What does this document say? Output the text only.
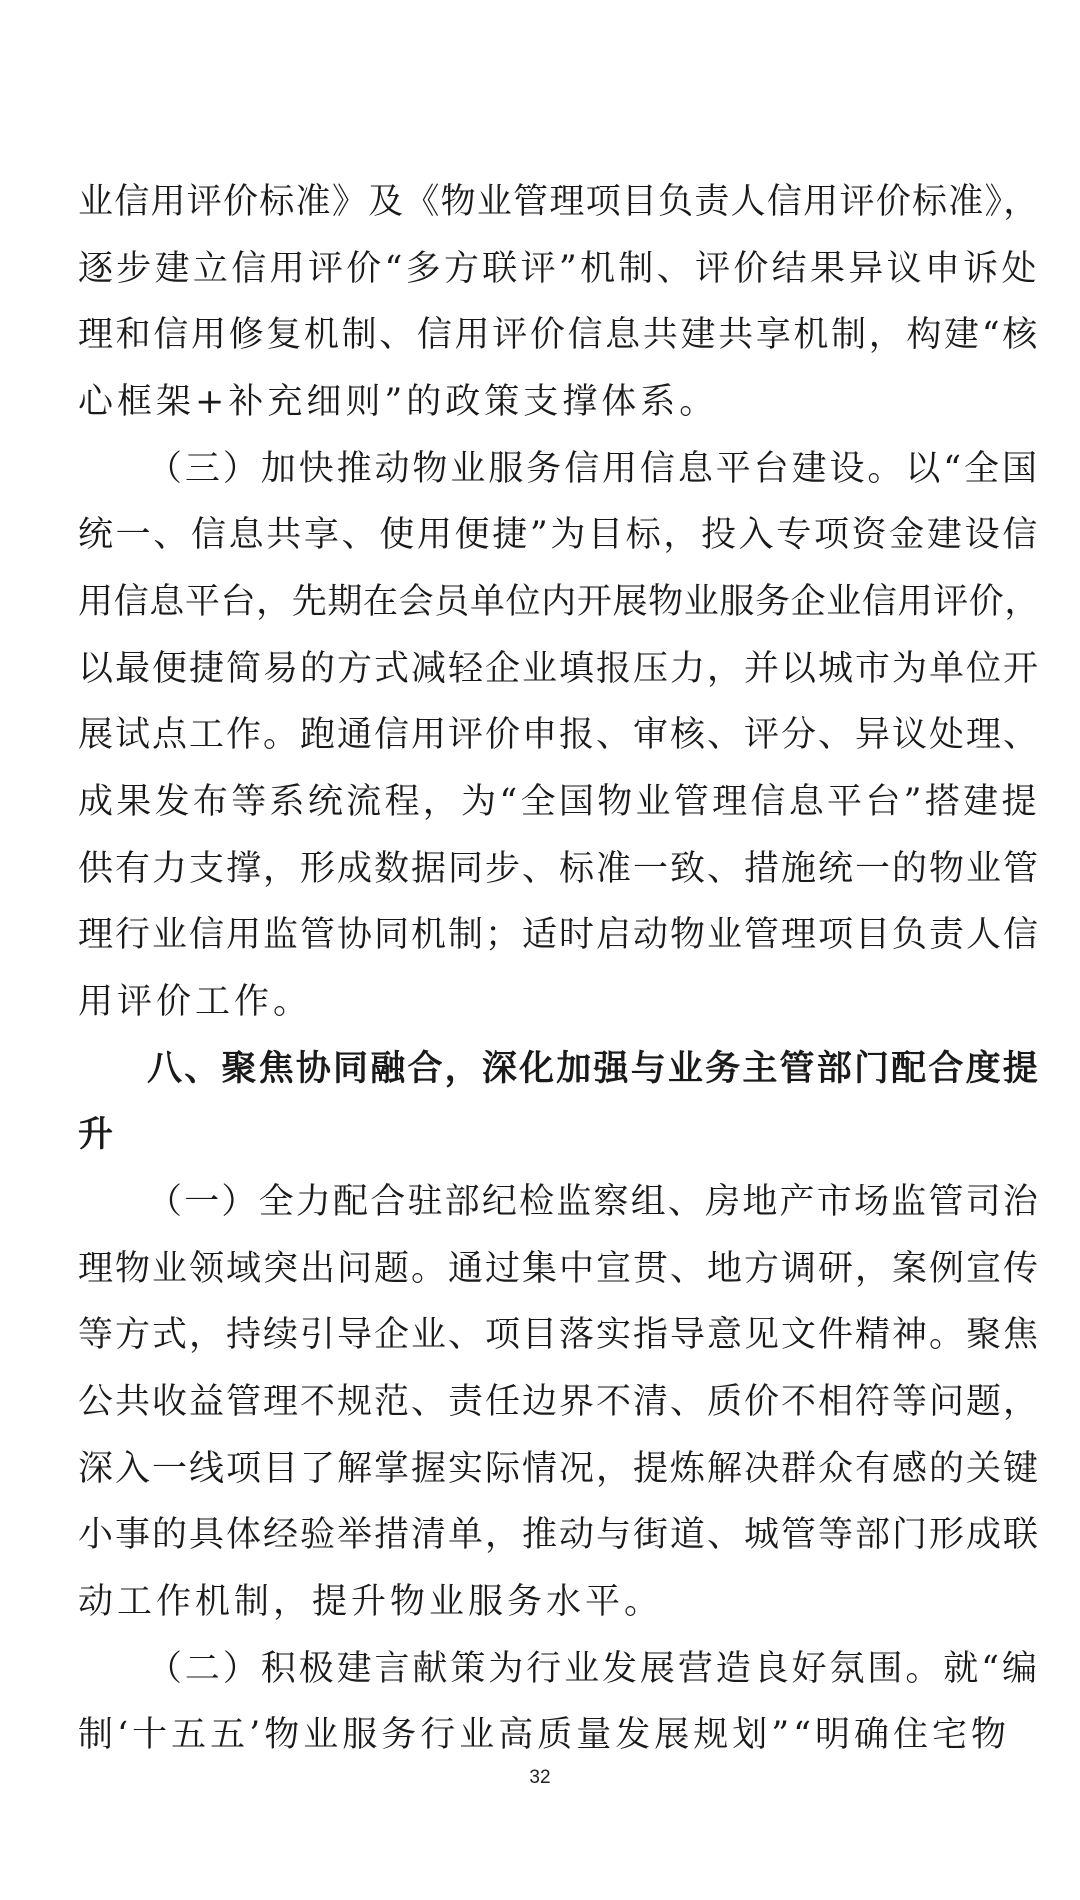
业信用评价标准》及《物业管理项目负责人信用评价标准》，
逐步建立信用评价“多方联评”机制、评价结果异议申诉处
理和信用修复机制、信用评价信息共建共享机制，构建“核
心框架+补充细则”的政策支撑体系。
（三）加快推动物业服务信用信息平台建设。以“全国
统一、信息共享、使用便捷”为目标，投入专项资金建设信
用信息平台，先期在会员单位内开展物业服务企业信用评价，
以最便捷简易的方式减轻企业填报压力，并以城市为单位开
展试点工作。跑通信用评价申报、审核、评分、异议处理、
成果发布等系统流程，为“全国物业管理信息平台”搭建提
供有力支撑，形成数据同步、标准一致、措施统一的物业管
理行业信用监管协同机制；适时启动物业管理项目负责人信
用评价工作。
八、聚焦协同融合，深化加强与业务主管部门配合度提
升
（一）全力配合驻部纪检监察组、房地产市场监管司治
理物业领域突出问题。通过集中宣贯、地方调研，案例宣传
等方式，持续引导企业、项目落实指导意见文件精神。聚焦
公共收益管理不规范、责任边界不清、质价不相符等问题，
深入一线项目了解掌握实际情况，提炼解决群众有感的关键
小事的具体经验举措清单，推动与街道、城管等部门形成联
动工作机制，提升物业服务水平。
（二）积极建言献策为行业发展营造良好氛围。就“编
制‘十五五’物业服务行业高质量发展规划”“明确住宅物
32
